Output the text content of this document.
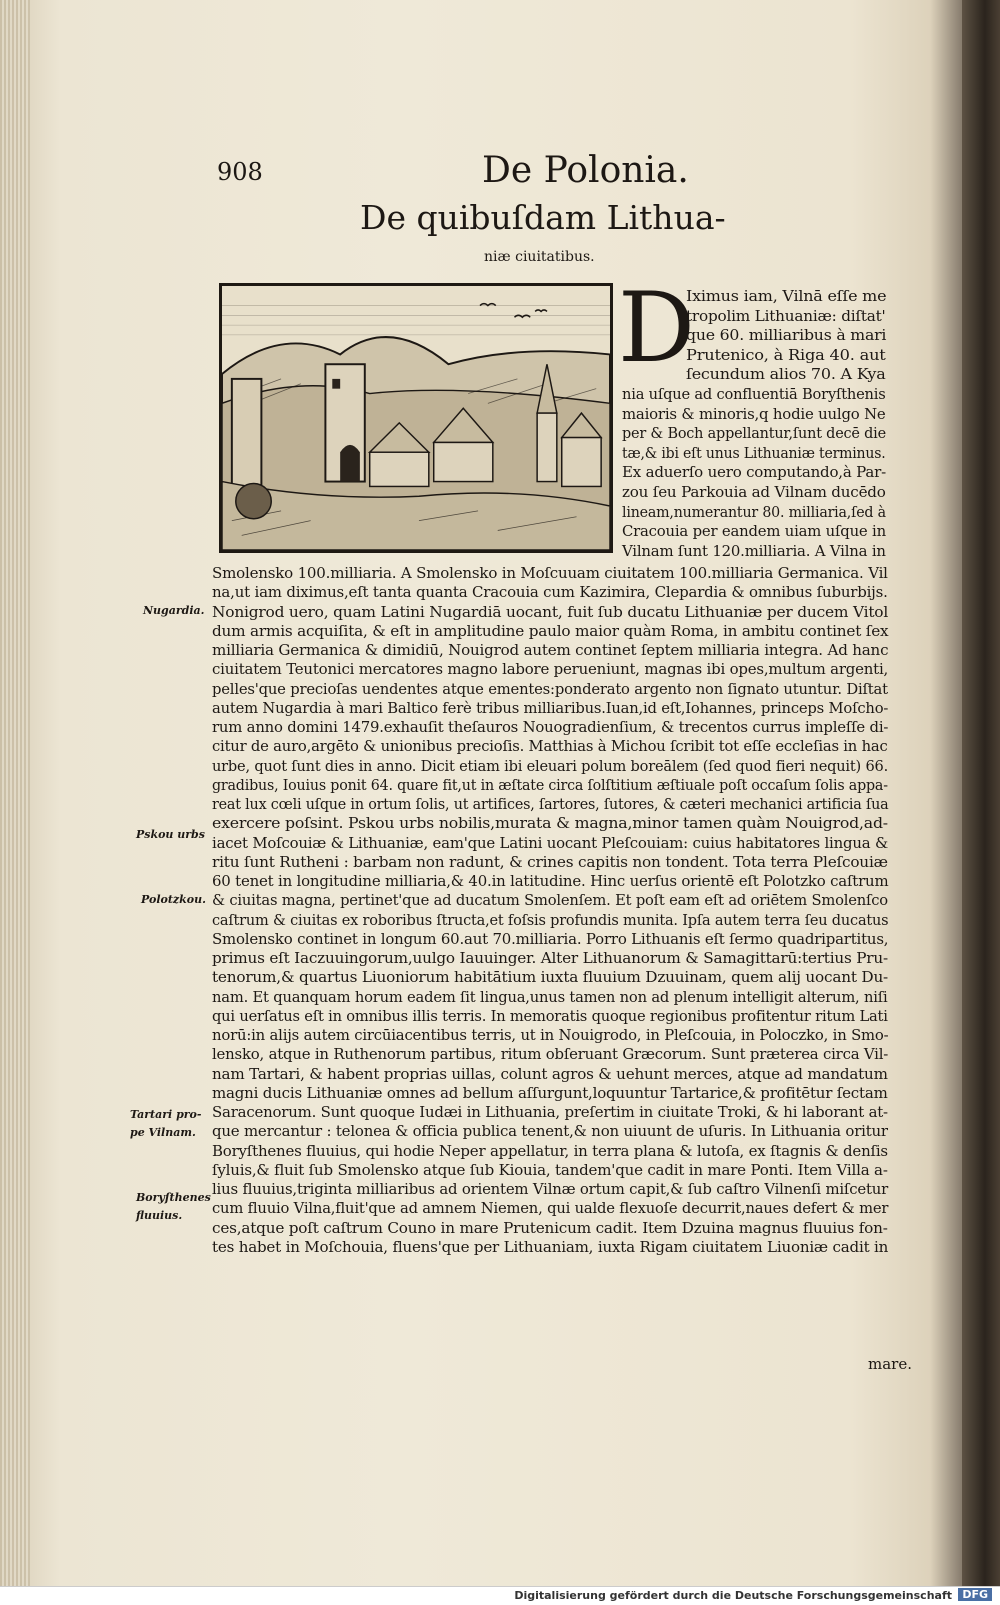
908	De Polonia.
De quibuſdam Lithua-
niæ ciuitatibus.
D
Iximus iam, Vilnā eſſe me
tropolim Lithuaniæ: diſtat'
que 60. milliaribus à mari
Prutenico, à Riga 40. aut
ſecundum alios 70. A Kya
nia uſque ad confluentiā Boryſthenis
maioris & minoris,q hodie uulgo Ne
per & Boch appellantur,ſunt decē die
tæ,& ibi eſt unus Lithuaniæ terminus.
Ex aduerſo uero computando,à Par-
zou ſeu Parkouia ad Vilnam ducēdo
lineam,numerantur 80. milliaria,ſed à
Cracouia per eandem uiam uſque in
Vilnam ſunt 120.milliaria. A Vilna in
Smolensko 100.milliaria. A Smolensko in Moſcuuam ciuitatem 100.milliaria Germanica. Vil
na,ut iam diximus,eſt tanta quanta Cracouia cum Kazimira, Clepardia & omnibus ſuburbijs.
Nonigrod uero, quam Latini Nugardiā uocant, fuit ſub ducatu Lithuaniæ per ducem Vitol
dum armis acquiſita, & eſt in amplitudine paulo maior quàm Roma, in ambitu continet ſex
milliaria Germanica & dimidiū, Nouigrod autem continet ſeptem milliaria integra. Ad hanc
ciuitatem Teutonici mercatores magno labore perueniunt, magnas ibi opes,multum argenti,
pelles'que precioſas uendentes atque ementes:ponderato argento non ſignato utuntur. Diſtat
autem Nugardia à mari Baltico ferè tribus milliaribus.Iuan,id eſt,Iohannes, princeps Moſcho-
rum anno domini 1479.exhauſit theſauros Nouogradienſium, & trecentos currus impleſſe di-
citur de auro,argēto & unionibus precioſis. Matthias à Michou ſcribit tot eſſe eccleſias in hac
urbe, quot ſunt dies in anno. Dicit etiam ibi eleuari polum boreālem (ſed quod fieri nequit) 66.
gradibus, Iouius ponit 64. quare fit,ut in æſtate circa ſolſtitium æſtiuale poſt occaſum ſolis appa-
reat lux cœli uſque in ortum ſolis, ut artifices, ſartores, ſutores, & cæteri mechanici artificia ſua
exercere poſsint. Pskou urbs nobilis,murata & magna,minor tamen quàm Nouigrod,ad-
iacet Moſcouiæ & Lithuaniæ, eam'que Latini uocant Pleſcouiam: cuius habitatores lingua &
ritu ſunt Rutheni : barbam non radunt, & crines capitis non tondent. Tota terra Pleſcouiæ
60 tenet in longitudine milliaria,& 40.in latitudine. Hinc uerſus orientē eſt Polotzko caſtrum
& ciuitas magna, pertinet'que ad ducatum Smolenſem. Et poſt eam eſt ad oriētem Smolenſco
caſtrum & ciuitas ex roboribus ſtructa,et foſsis profundis munita. Ipſa autem terra ſeu ducatus
Smolensko continet in longum 60.aut 70.milliaria. Porro Lithuanis eſt ſermo quadripartitus,
primus eſt Iaczuuingorum,uulgo Iauuinger. Alter Lithuanorum & Samagittarū:tertius Pru-
tenorum,& quartus Liuoniorum habitātium iuxta fluuium Dzuuinam, quem alij uocant Du-
nam. Et quanquam horum eadem ſit lingua,unus tamen non ad plenum intelligit alterum, niſi
qui uerſatus eſt in omnibus illis terris. In memoratis quoque regionibus profitentur ritum Lati
norū:in alijs autem circūiacentibus terris, ut in Nouigrodo, in Pleſcouia, in Poloczko, in Smo-
lensko, atque in Ruthenorum partibus, ritum obſeruant Græcorum. Sunt præterea circa Vil-
nam Tartari, & habent proprias uillas, colunt agros & uehunt merces, atque ad mandatum
magni ducis Lithuaniæ omnes ad bellum aſſurgunt,loquuntur Tartarice,& profitētur ſectam
Saracenorum. Sunt quoque Iudæi in Lithuania, preſertim in ciuitate Troki, & hi laborant at-
que mercantur : telonea & officia publica tenent,& non uiuunt de uſuris. In Lithuania oritur
Boryſthenes fluuius, qui hodie Neper appellatur, in terra plana & lutoſa, ex ſtagnis & denſis
ſyluis,& fluit ſub Smolensko atque ſub Kiouia, tandem'que cadit in mare Ponti. Item Villa a-
lius fluuius,triginta milliaribus ad orientem Vilnæ ortum capit,& ſub caſtro Vilnenſi miſcetur
cum fluuio Vilna,fluit'que ad amnem Niemen, qui ualde flexuoſe decurrit,naues defert & mer
ces,atque poſt caſtrum Couno in mare Prutenicum cadit. Item Dzuina magnus fluuius fon-
tes habet in Moſchouia, fluens'que per Lithuaniam, iuxta Rigam ciuitatem Liuoniæ cadit in
Nugardia.
Pskou urbs
Polotzkou.
Tartari pro-
pe Vilnam.
Boryſthenes
fluuius.
mare.
Digitalisierung gefördert durch die Deutsche Forschungsgemeinschaft DFG
